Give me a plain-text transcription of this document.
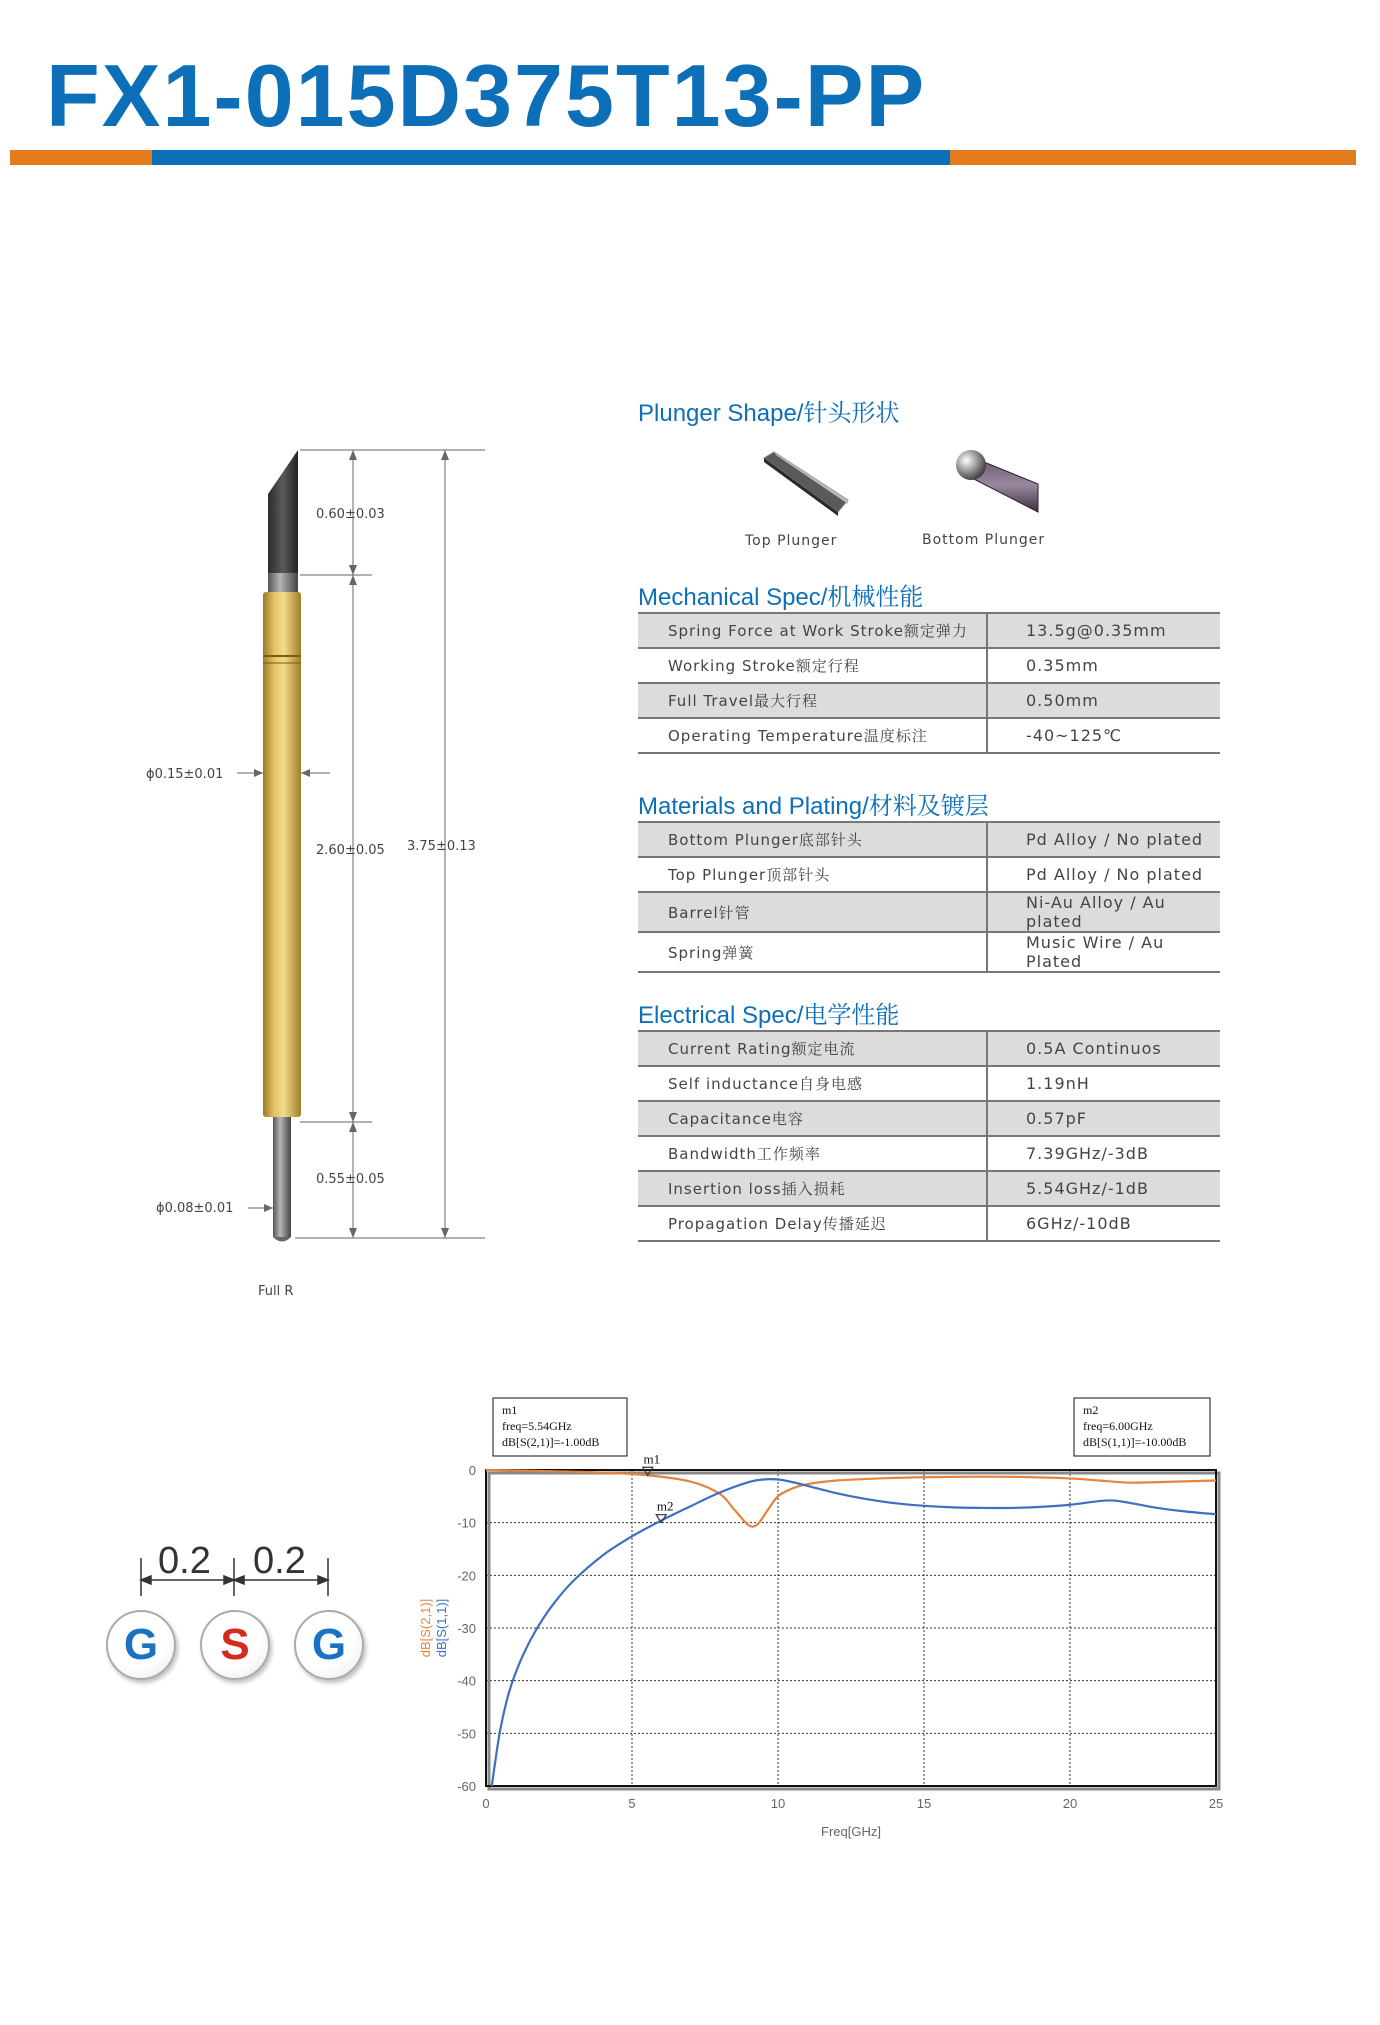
FX1-015D375T13-PP
0.60±0.03
2.60±0.05 3.75±0.13
0.55±0.05
ϕ0.15±0.01
ϕ0.08±0.01
Full R
Plunger Shape/针头形状
Top Plunger	Bottom Plunger
Mechanical Spec/机械性能
Spring Force at Work Stroke额定弹力	13.5g@0.35mm
Working Stroke额定行程	0.35mm
Full Travel最大行程	0.50mm
Operating Temperature温度标注	-40~125℃
Materials and Plating/材料及镀层
Bottom Plunger底部针头	Pd Alloy / No plated
Top Plunger顶部针头	Pd Alloy / No plated
Barrel针管	Ni-Au Alloy / Au plated
Spring弹簧	Music Wire / Au Plated
Electrical Spec/电学性能
Current Rating额定电流	0.5A Continuos
Self inductance自身电感	1.19nH
Capacitance电容	0.57pF
Bandwidth工作频率	7.39GHz/-3dB
Insertion loss插入损耗	5.54GHz/-1dB
Propagation Delay传播延迟	6GHz/-10dB
0.2 0.2
G	S	G
0
-10
-20
-30
-40
-50
-60
0	5	10	15	20	25
Freq[GHz]
dB[S(2,1)] dB[S(1,1)]
m1
m2
m1
freq=5.54GHz
dB[S(2,1)]=-1.00dB
m2
freq=6.00GHz
dB[S(1,1)]=-10.00dB
